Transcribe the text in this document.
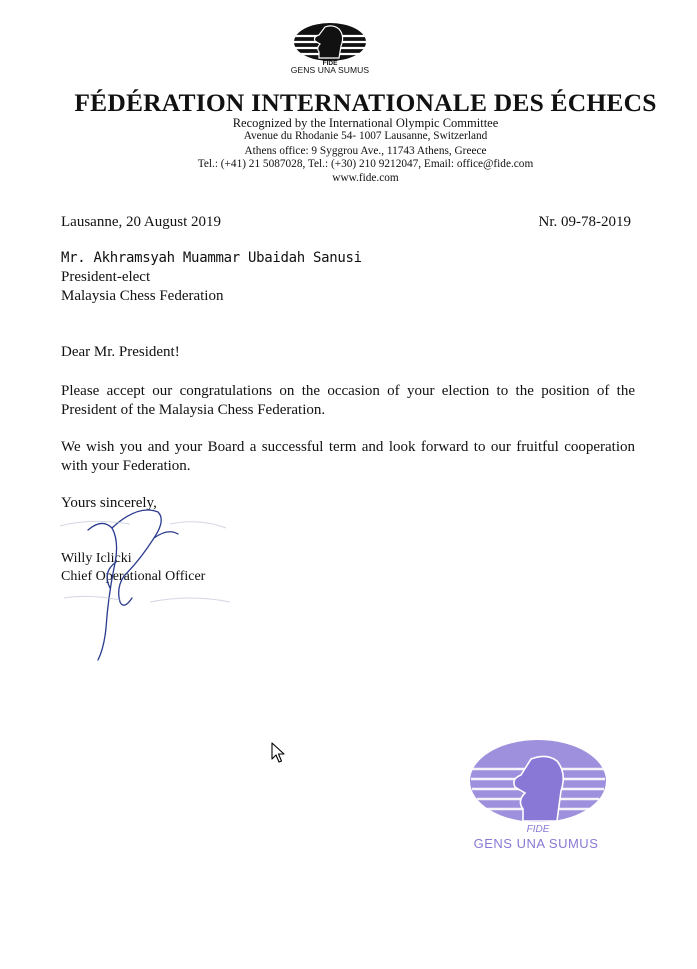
FIDE
GENS UNA SUMUS
FÉDÉRATION INTERNATIONALE DES ÉCHECS
Recognized by the International Olympic Committee
Avenue du Rhodanie 54- 1007 Lausanne, Switzerland
Athens office: 9 Syggrou Ave., 11743 Athens, Greece
Tel.: (+41) 21 5087028, Tel.: (+30) 210 9212047, Email: office@fide.com
www.fide.com
Lausanne, 20 August 2019	Nr. 09-78-2019
Mr. Akhramsyah Muammar Ubaidah Sanusi
President-elect
Malaysia Chess Federation
Dear Mr. President!
Please accept our congratulations on the occasion of your election to the position of the President of the Malaysia Chess Federation.
We wish you and your Board a successful term and look forward to our fruitful cooperation with your Federation.
Yours sincerely,
Willy Iclicki
Chief Operational Officer
FIDE
GENS UNA SUMUS
